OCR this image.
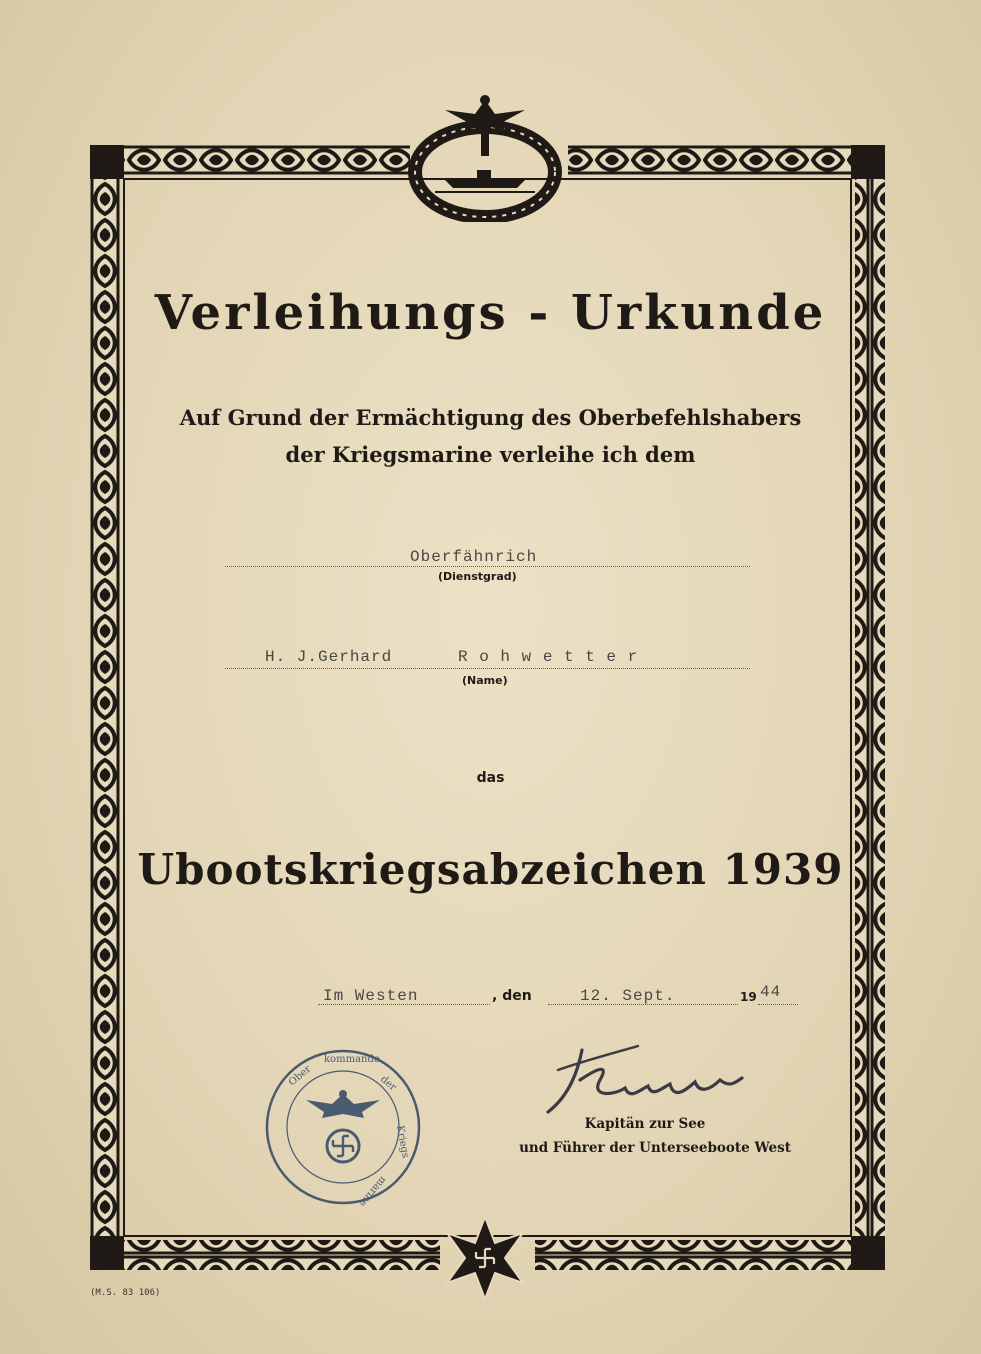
Verleihungs - Urkunde
Auf Grund der Ermächtigung des Oberbefehlshabers
der Kriegsmarine verleihe ich dem
Oberfähnrich
(Dienstgrad)
H. J.Gerhard	R o h w e t t e r
(Name)
das
Ubootskriegsabzeichen 1939
Im Westen	, den	12. Sept.	19 44
Ober
kommando
der
Kriegs
marine
Kapitän zur See
und Führer der Unterseeboote West
(M.S. 83 106)
